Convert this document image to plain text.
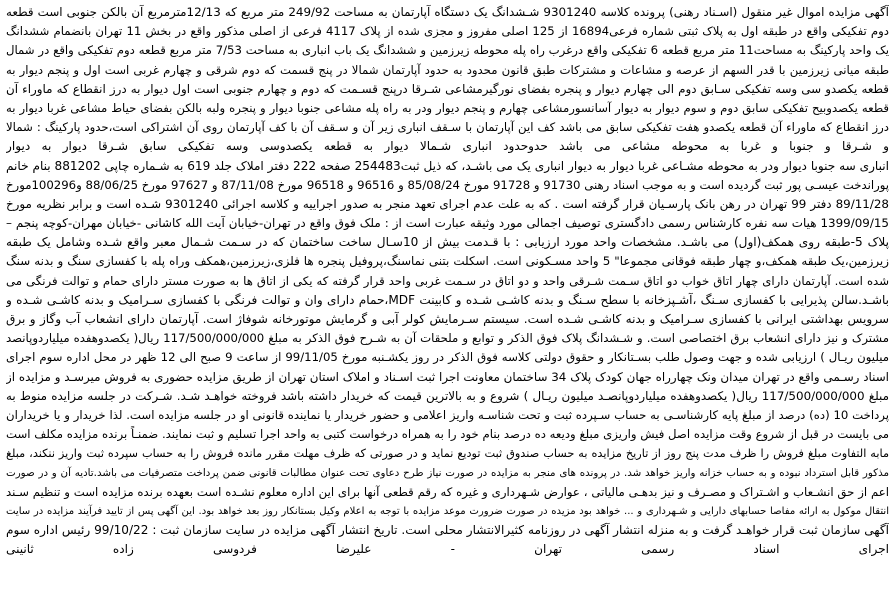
آگهی مزایده اموال غیر منقول (اسـناد رهنی) پرونده کلاسه 9301240 شـشدانگ یک دستگاه آپارتمان به مساحت 249/92 متر مربع که 12/13مترمربع آن بالکن جنوبی است قطعه
دوم تفکیکی واقع در طبقه اول به پلاک ثبتی شماره فرعی16894 از 125 اصلی مفروز و مجزی شده از پلاک 4117 فرعی از اصلی مذکور واقع در بخش 11 تهران بانضمام ششدانگ
یک واحد پارکینگ به مساحت11 متر مربع قطعه 6 تفکیکی واقع درغرب راه پله محوطه زیرزمین و ششدانگ یک باب انباری به مساحت 7/53 متر مربع قطعه دوم تفکیکی واقع در شمال
طبقه میانی زیرزمین با قدر السهم از عرصه و مشاعات و مشترکات طبق قانون محدود به حدود آپارتمان شمالا در پنج قسمت که دوم شرقی و چهارم غربی است اول و پنجم دیوار به
قطعه یکصدو سی وسه تفکیکی سـابق دوم الی چهارم دیوار و پنجره بفضای نورگیرمشاعی شـرقا درپنج قسـمت که دوم و چهارم جنوبی است اول دیوار به درز انقطاع که ماوراء آن
قطعه یکصدوبیح تفکیکی سابق دوم و سوم دیوار به دیوار آسانسورمشاعی چهارم و پنجم دیوار ودر به راه پله مشاعی جنوبا دیوار و پنجره ولبه بالکن بفضای حیاط مشاعی غربا دیوار به
درز انقطاع که ماوراء آن قطعه یکصدو هفت تفکیکی سابق می باشد کف این آپارتمان با سـقف انباری زیر آن و سـقف آن با کف آپارتمان روی آن اشتراکی است،حدود پارکینگ : شمالا
و شـرقا و جنوبا و غربا به محوطه مشاعی می باشد حدوحدود انباری شـمالا دیوار به قطعه یکصدوسی وسه تفکیکی سابق شـرقا دیوار به دیوار
انباری سه جنوبا دیوار ودر به محوطه مشـاعی غربا دیوار به دیوار انباری یک می باشـد، که ذیل ثبت254483 صفحه 222 دفتر املاک جلد 619 به شـماره چاپی 881202 بنام خانم
پوراندخت عیسـی پور ثبت گردیده است و به موجب اسناد رهنی 91730 و 91728 مورخ 85/08/24 و 96516 و 96518 مورخ 87/11/08 و 97627 مورخ 88/06/25 و100296مورخ
89/11/28 دفتر 99 تهران در رهن بانک پارسـیان قرار گرفته است . که به علت عدم اجرای تعهد منجر به صدور اجراییه و کلاسه اجرائی 9301240 شـده است و برابر نظریه مورخ
1399/09/15 هیات سه نفره کارشناس رسمی دادگستری توصیف اجمالی مورد وثیقه عبارت است از : ملک فوق واقع در تهران-خیابان آیت الله کاشانی -خیابان مهران-کوچه پنجم –
پلاک 5-طبقه روی همکف(اول) می باشـد. مشخصات واحد مورد ارزیابی : با قـدمت بیش از 10سـال ساخت ساختمان که در سـمت شـمال معبر واقع شـده وشامل یک طبقه
زیرزمین،یک طبقه همکف،و چهار طبقه فوقانی مجموعا" 5 واحد مسـکونی است. اسکلت بتنی نماسنگ،پروفیل پنجره ها فلزی،زیرزمین،همکف وراه پله با کفسازی سنگ و بدنه سنگ
شده است. آپارتمان دارای چهار اتاق خواب دو اتاق سـمت شـرقی واحد و دو اتاق در سـمت غربی واحد قرار گرفته که یکی از اتاق ها به صورت مستر دارای حمام و توالت فرنگی می
باشـد.سالن پذیرایی با کفسازی سـنگ ،آشـپزخانه با سطح سـنگ و بدنه کاشـی شـده و کابینت MDF،حمام دارای وان و توالت فرنگی با کفسازی سـرامیک و بدنه کاشـی شـده و
سرویس بهداشتی ایرانی با کفسازی سـرامیک و بدنه کاشـی شـده است. سیستم سـرمایش کولر آبی و گرمایش موتورخانه شوفاژ است. آپارتمان دارای انشعاب آب وگاز و برق
مشترک و نیز دارای انشعاب برق اختصاصی است. و شـشدانگ پلاک فوق الذکر و توابع و ملحقات آن به شـرح فوق الذکر به مبلغ 117/500/000/000 ریال( یکصدوهفده میلیاردوپانصد
میلیون ریـال ) ارزیابی شده و جهت وصول طلب بسـتانکار و حقوق دولتی کلاسه فوق الذکر در روز یکشـنبه مورخ 99/11/05 از ساعت 9 صبح الی 12 ظهر در محل اداره سوم اجرای
اسناد رسـمی واقع در تهران میدان ونک چهارراه جهان کودک پلاک 34 ساختمان معاونت اجرا ثبت اسـناد و املاک استان تهران از طریق مزایده حضوری به فروش میرسـد و مزایده از
مبلغ 117/500/000/000 ریال( یکصدوهفده میلیاردوپانصـد میلیون ریـال ) شروع و به بالاترین قیمت که خریدار داشته باشد فروخته خواهـد شـد. شـرکت در جلسه مزایده منوط به
پرداخت 10 (ده) درصد از مبلغ پایه کارشناسـی به حساب سـپرده ثبت و تحت شناسـه واریز اعلامی و حضور خریدار یا نماینده قانونی او در جلسه مزایده است. لذا خریدار و یا خریداران
می بایست در قبل از شروع وقت مزایده اصل فیش واریزی مبلغ ودیعه ده درصد بنام خود را به همراه درخواست کتبی به واحد اجرا تسلیم و ثبت نمایند. ضمنـاً برنده مزایده مکلف است
مابه التفاوت مبلغ فروش را ظرف مدت پنج روز از تاریخ مزایده به حساب صندوق ثبت تودیع نماید و در صورتی که ظرف مهلت مقرر مانده فروش را به حساب سپرده ثبت واریز ننکند، مبلغ
مذکور قابل استرداد نبوده و به حساب خزانه واریز خواهد شد. در پرونده های منجر به مزایده در صورت نیاز طرح دعاوی تحت عنوان مطالبات قانونی ضمن پرداخت متصرفیات می باشد.تادیه آن و در صورت
اعم از حق انشـعاب و اشـتراک و مصـرف و نیز بدهـی مالیاتی ، عوارض شـهرداری و غیره که رقم قطعی آنها برای این اداره معلوم نشـده است بعهده برنده مزایده است و تنظیم سـند
انتقال موکول به ارائه مفاصا حسابهای دارایی و شـهرداری و ... خواهد بود مزیده در صورت ضرورت موعد مزایده با توجه به اعلام وکیل بستانکار روز بعد خواهد بود. این آگهی پس از تایید فرآیند مزایده در سایت
آگهی سازمان ثبت قرار خواهـد گرفت و به منزله انتشار آگهی در روزنامه کثیرالانتشار محلی است. تاریخ انتشار آگهی مزایده در سایت سازمان ثبت : 99/10/22 رئیس اداره سوم
اجرای اسناد رسمی تهران - علیرضا فردوسی زاده ثانینی
